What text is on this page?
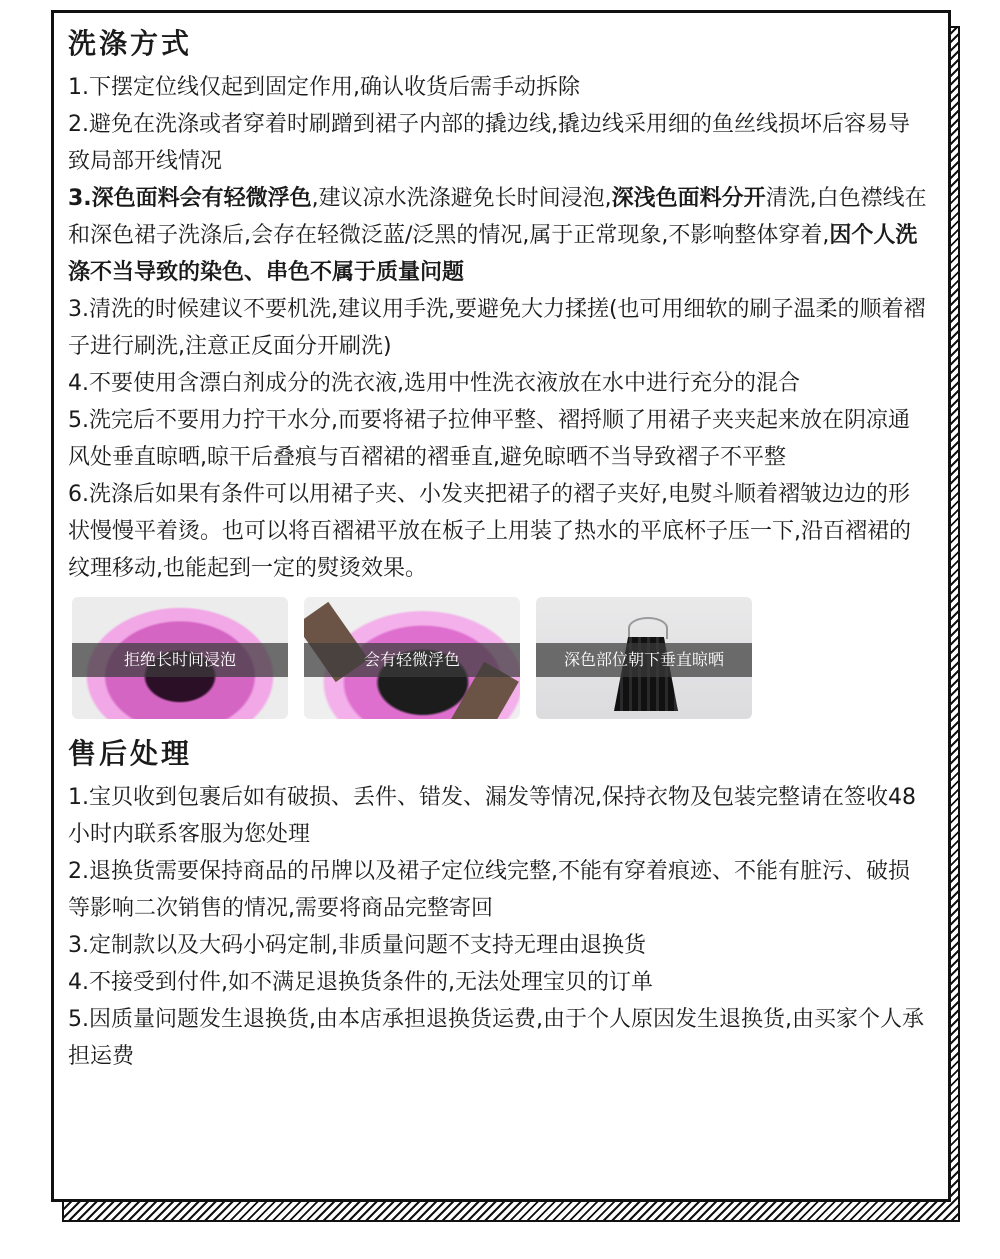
洗涤方式

1.下摆定位线仅起到固定作用,确认收货后需手动拆除

2.避免在洗涤或者穿着时刷蹭到裙子内部的撬边线,撬边线采用细的鱼丝线损坏后容易导致局部开线情况

3.深色面料会有轻微浮色,建议凉水洗涤避免长时间浸泡,深浅色面料分开清洗,白色襟线在和深色裙子洗涤后,会存在轻微泛蓝/泛黑的情况,属于正常现象,不影响整体穿着,因个人洗涤不当导致的染色、串色不属于质量问题

3.清洗的时候建议不要机洗,建议用手洗,要避免大力揉搓(也可用细软的刷子温柔的顺着褶子进行刷洗,注意正反面分开刷洗)

4.不要使用含漂白剂成分的洗衣液,选用中性洗衣液放在水中进行充分的混合

5.洗完后不要用力拧干水分,而要将裙子拉伸平整、褶捋顺了用裙子夹夹起来放在阴凉通风处垂直晾晒,晾干后叠痕与百褶裙的褶垂直,避免晾晒不当导致褶子不平整

6.洗涤后如果有条件可以用裙子夹、小发夹把裙子的褶子夹好,电熨斗顺着褶皱边边的形状慢慢平着烫。也可以将百褶裙平放在板子上用装了热水的平底杯子压一下,沿百褶裙的纹理移动,也能起到一定的熨烫效果。

拒绝长时间浸泡	会有轻微浮色	深色部位朝下垂直晾晒
售后处理

1.宝贝收到包裹后如有破损、丢件、错发、漏发等情况,保持衣物及包装完整请在签收48小时内联系客服为您处理

2.退换货需要保持商品的吊牌以及裙子定位线完整,不能有穿着痕迹、不能有脏污、破损等影响二次销售的情况,需要将商品完整寄回

3.定制款以及大码小码定制,非质量问题不支持无理由退换货

4.不接受到付件,如不满足退换货条件的,无法处理宝贝的订单

5.因质量问题发生退换货,由本店承担退换货运费,由于个人原因发生退换货,由买家个人承担运费
